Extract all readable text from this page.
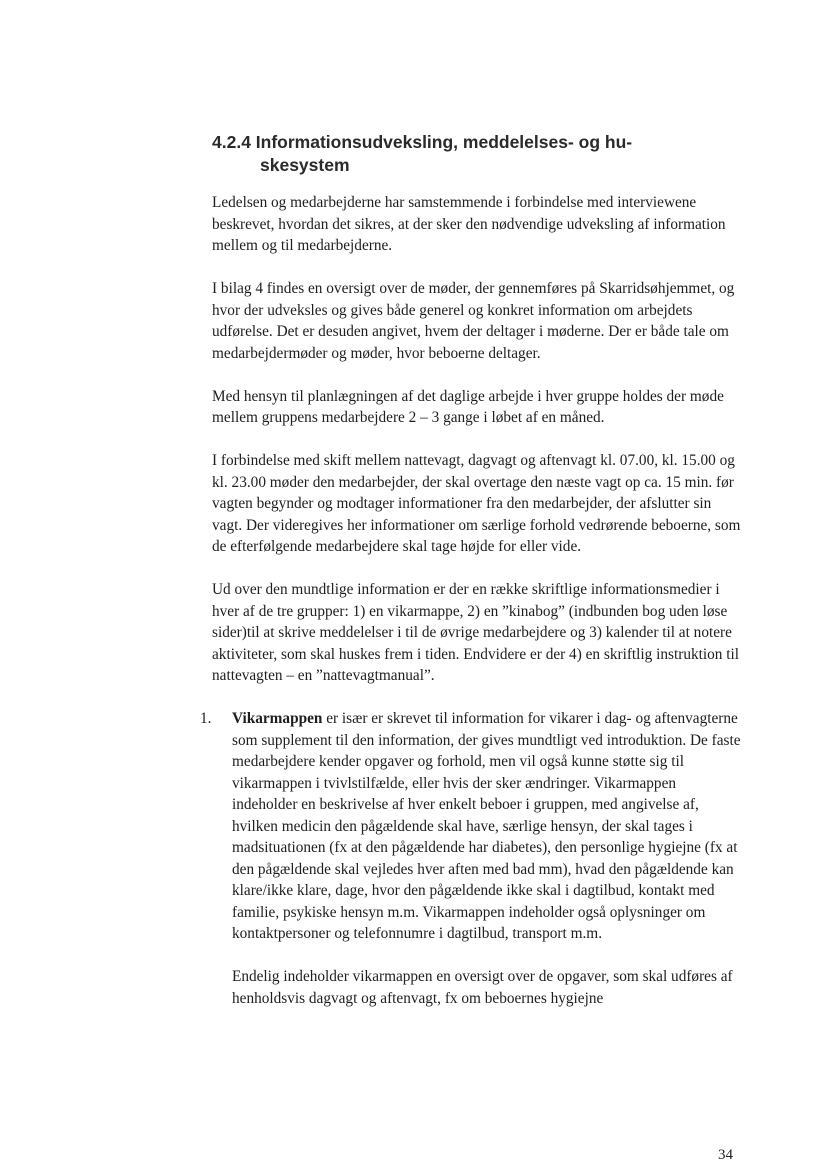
4.2.4 Informationsudveksling, meddelelses- og hu-
skesystem

Ledelsen og medarbejderne har samstemmende i forbindelse med interviewene beskrevet, hvordan det sikres, at der sker den nødvendige udveksling af information mellem og til medarbejderne.

I bilag 4 findes en oversigt over de møder, der gennemføres på Skarridsøhjemmet, og hvor der udveksles og gives både generel og konkret information om arbejdets udførelse. Det er desuden angivet, hvem der deltager i møderne. Der er både tale om medarbejdermøder og møder, hvor beboerne deltager.

Med hensyn til planlægningen af det daglige arbejde i hver gruppe holdes der møde mellem gruppens medarbejdere 2 – 3 gange i løbet af en måned.

I forbindelse med skift mellem nattevagt, dagvagt og aftenvagt kl. 07.00, kl. 15.00 og kl. 23.00 møder den medarbejder, der skal overtage den næste vagt op ca. 15 min. før vagten begynder og modtager informationer fra den medarbejder, der afslutter sin vagt. Der videregives her informationer om særlige forhold vedrørende beboerne, som de efterfølgende medarbejdere skal tage højde for eller vide.

Ud over den mundtlige information er der en række skriftlige informationsmedier i hver af de tre grupper: 1) en vikarmappe, 2) en ”kinabog” (indbunden bog uden løse sider)til at skrive meddelelser i til de øvrige medarbejdere og 3) kalender til at notere aktiviteter, som skal huskes frem i tiden. Endvidere er der 4) en skriftlig instruktion til nattevagten – en ”nattevagtmanual”.

1. Vikarmappen er især er skrevet til information for vikarer i dag- og aftenvagterne som supplement til den information, der gives mundtligt ved introduktion. De faste medarbejdere kender opgaver og forhold, men vil også kunne støtte sig til vikarmappen i tvivlstilfælde, eller hvis der sker ændringer. Vikarmappen indeholder en beskrivelse af hver enkelt beboer i gruppen, med angivelse af, hvilken medicin den pågældende skal have, særlige hensyn, der skal tages i madsituationen (fx at den pågældende har diabetes), den personlige hygiejne (fx at den pågældende skal vejledes hver aften med bad mm), hvad den pågældende kan klare/ikke klare, dage, hvor den pågældende ikke skal i dagtilbud, kontakt med familie, psykiske hensyn m.m. Vikarmappen indeholder også oplysninger om kontaktpersoner og telefonnumre i dagtilbud, transport m.m.

Endelig indeholder vikarmappen en oversigt over de opgaver, som skal udføres af henholdsvis dagvagt og aftenvagt, fx om beboernes hygiejne

34
